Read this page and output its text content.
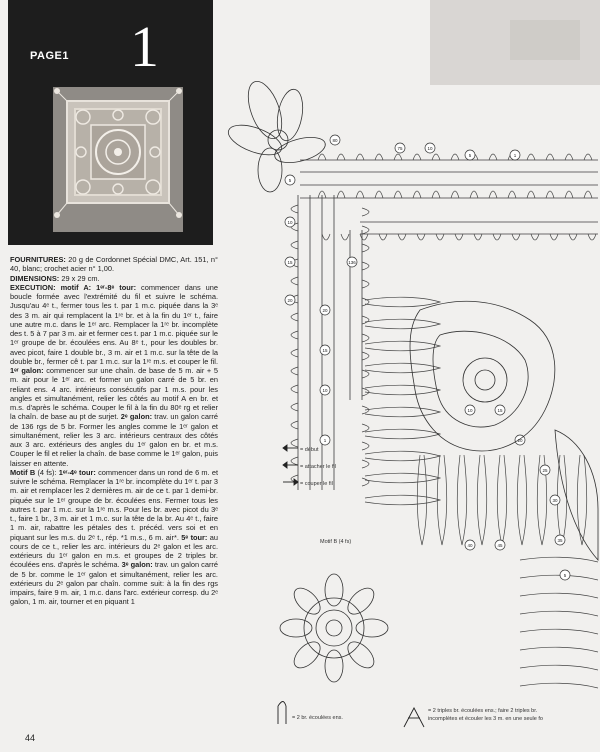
PAGE1 1

FOURNITURES: 20 g de Cordonnet Spécial DMC, Art. 151, n° 40, blanc; crochet acier n° 1,00.
DIMENSIONS: 29 x 29 cm.
EXECUTION: motif A: 1ᵉʳ-8ᵉ tour: commencer dans une boucle formée avec l'extrémité du fil et suivre le schéma. Jusqu'au 4ᵉ t., fermer tous les t. par 1 m.c. piquée dans la 3ᵉ des 3 m. air qui remplacent la 1ʳᵉ br. et à la fin du 1ᵉʳ t., faire une autre m.c. dans le 1ᵉʳ arc. Remplacer la 1ʳᵉ br. incomplète des t. 5 à 7 par 3 m. air et fermer ces t. par 1 m.c. piquée sur le 1ᵉʳ groupe de br. écoulées ens. Au 8ᵉ t., pour les doubles br. avec picot, faire 1 double br., 3 m. air et 1 m.c. sur la tête de la double br., fermer cê t. par 1 m.c. sur la 1ʳᵉ m.s. et couper le fil. 1ᵉʳ galon: commencer sur une chaîn. de base de 5 m. air + 5 m. air pour le 1ᵉʳ arc. et former un galon carré de 5 br. en reliant ens. 4 arc. intérieurs consécutifs par 1 m.s. pour les angles et simultanément, relier les côtés au motif A en br. et m.s. d'après le schéma. Couper le fil à la fin du 80ᵉ rg et relier la chaîn. de base au pt de surjet. 2ᵉ galon: trav. un galon carré de 136 rgs de 5 br. Former les angles comme le 1ᵉʳ galon et simultanément, relier les 3 arc. intérieurs centraux des côtés aux 3 arc. extérieurs des angles du 1ᵉʳ galon en br. et m.s. Couper le fil et relier la chaîn. de base comme le 1ᵉʳ galon, puis laisser en attente.
Motif B (4 fs): 1ᵉʳ-4ᵉ tour: commencer dans un rond de 6 m. et suivre le schéma. Remplacer la 1ʳᵉ br. incomplète du 1ᵉʳ t. par 3 m. air et remplacer les 2 dernières m. air de ce t. par 1 demi-br. piquée sur le 1ᵉʳ groupe de br. écoulées ens. Fermer tous les autres t. par 1 m.c. sur la 1ʳᵉ m.s. Pour les br. avec picot du 3ᵉ t., faire 1 br., 3 m. air et 1 m.c. sur la tête de la br. Au 4ᵉ t., faire 1 m. air, rabattre les pétales des t. précéd. vers soi et en piquant sur les m.s. du 2ᵉ t., rép. *1 m.s., 6 m. air*. 5ᵉ tour: au cours de ce t., relier les arc. intérieurs du 2ᵉ galon et les arc. extérieurs du 1ᵉʳ galon en m.s. et groupes de 2 triples br. écoulées ens. d'après le schéma. 3ᵉ galon: trav. un galon carré de 5 br. comme le 1ᵉʳ galon et simultanément, relier les arc. extérieurs du 2ᵉ galon par chaîn. comme suit: à la fin des rgs impairs, faire 9 m. air, 1 m.c. dans l'arc. extérieur corresp. du 2ᵉ galon, 1 m. air, tourner et en piquant 1

44
80
1
75	10
5
5
10
15
20
20
15
10
1
136
10	15
20
25
30
35
5
40	45
= début
= attacher le fil
= couper le fil
Motif B (4 fs)
= 2 br. écoulées ens.
= 2 triples br. écoulées ens.; faire 2 triples br.
incomplètes et écouler les 3 m. en une seule fo
